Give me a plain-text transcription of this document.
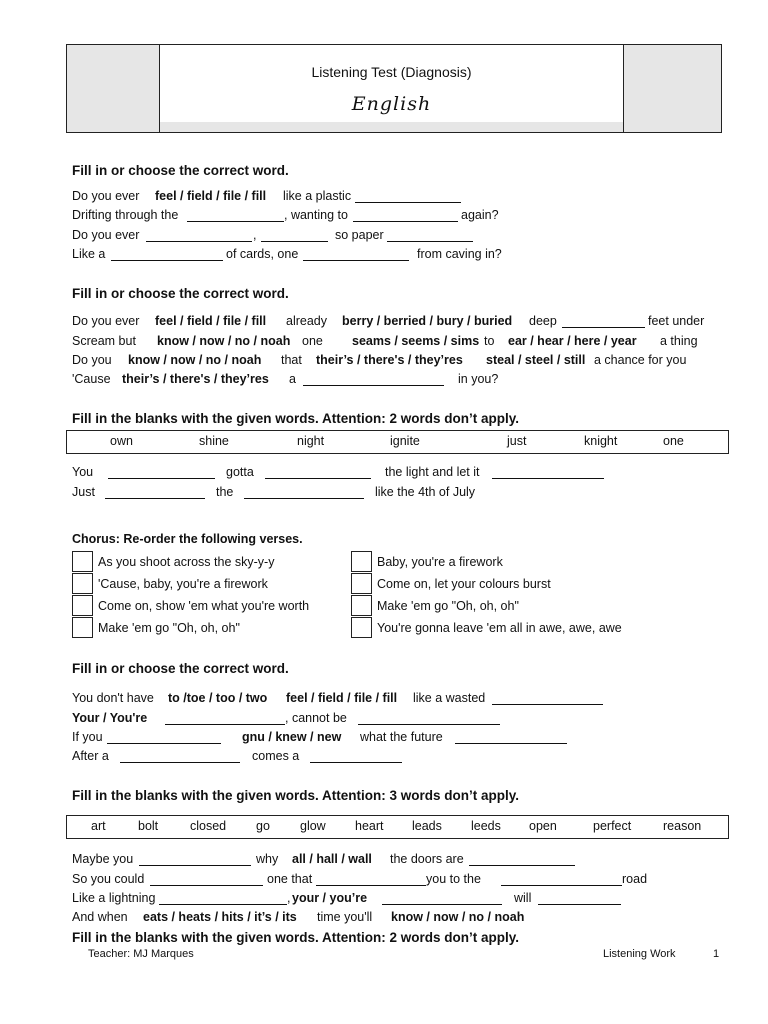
Listening Test (Diagnosis)
English
Fill in or choose the correct word.
Do you ever feel / field / file / fill like a plastic
Drifting through the	, wanting to	again?
Do you ever	,	so paper
Like a	of cards, one	from caving in?
Fill in or choose the correct word.
Do you ever feel / field / file / fill already berry / berried / bury / buried deep	feet under
Scream but know / now / no / noah one seams / seems / sims to ear / hear / here / year a thing
Do you know / now / no / noah that their’s / there's / they’res steal / steel / still a chance for you
'Cause their’s / there's / they’res a	in you?
Fill in the blanks with the given words. Attention: 2 words don’t apply.
own	shine	night	ignite	just	knight	one
You	gotta	the light and let it
Just	the	like the 4th of July
Chorus: Re-order the following verses.
As you shoot across the sky-y-y
'Cause, baby, you're a firework
Come on, show 'em what you're worth
Make 'em go "Oh, oh, oh"
Baby, you're a firework
Come on, let your colours burst
Make 'em go "Oh, oh, oh"
You're gonna leave 'em all in awe, awe, awe
Fill in or choose the correct word.
You don't have to /toe / too / two feel / field / file / fill like a wasted
Your / You're	, cannot be
If you	gnu / knew / new what the future
After a	comes a
Fill in the blanks with the given words. Attention: 3 words don’t apply.
art	bolt	closed go glow heart leads leeds open	perfect	reason
Maybe you	why all / hall / wall the doors are
So you could	one that	you to the	road
Like a lightning	, your / you’re	will
And when eats / heats / hits / it’s / its time you'll know / now / no / noah
Fill in the blanks with the given words. Attention: 2 words don’t apply.
Teacher: MJ Marques	Listening Work	1
